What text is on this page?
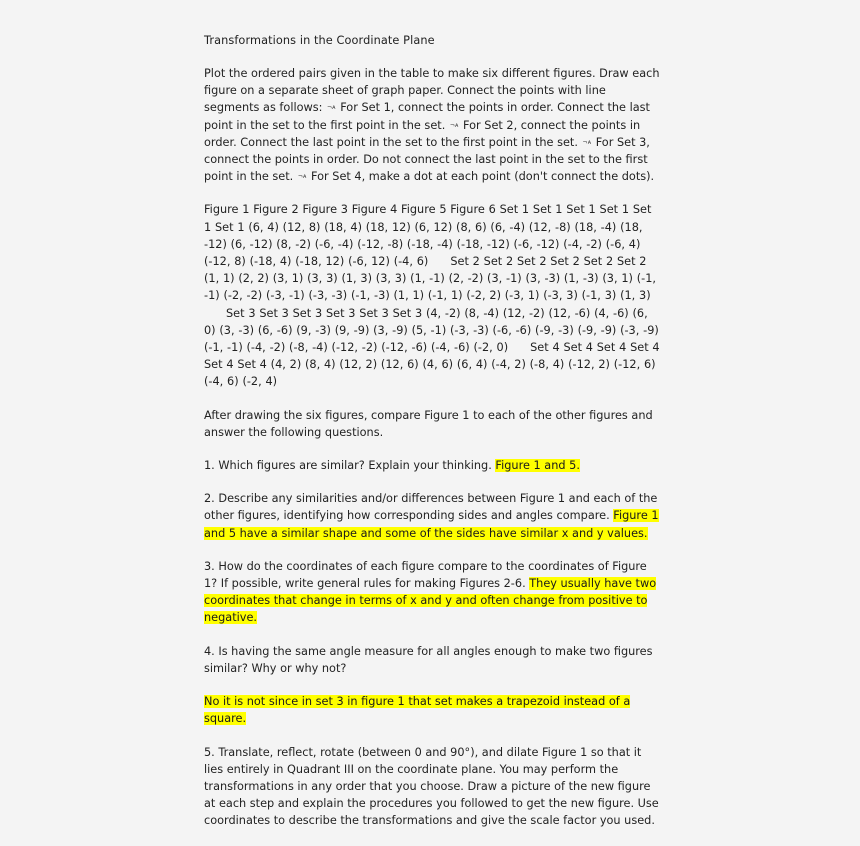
Transformations in the Coordinate Plane
Plot the ordered pairs given in the table to make six different figures. Draw each figure on a separate sheet of graph paper. Connect the points with line segments as follows: ¬ᴀ For Set 1, connect the points in order. Connect the last point in the set to the first point in the set. ¬ᴀ For Set 2, connect the points in order. Connect the last point in the set to the first point in the set. ¬ᴀ For Set 3, connect the points in order. Do not connect the last point in the set to the first point in the set. ¬ᴀ For Set 4, make a dot at each point (don't connect the dots).
Figure 1 Figure 2 Figure 3 Figure 4 Figure 5 Figure 6 Set 1 Set 1 Set 1 Set 1 Set 1 Set 1 (6, 4) (12, 8) (18, 4) (18, 12) (6, 12) (8, 6) (6, -4) (12, -8) (18, -4) (18, -12) (6, -12) (8, -2) (-6, -4) (-12, -8) (-18, -4) (-18, -12) (-6, -12) (-4, -2) (-6, 4) (-12, 8) (-18, 4) (-18, 12) (-6, 12) (-4, 6) Set 2 Set 2 Set 2 Set 2 Set 2 Set 2 (1, 1) (2, 2) (3, 1) (3, 3) (1, 3) (3, 3) (1, -1) (2, -2) (3, -1) (3, -3) (1, -3) (3, 1) (-1, -1) (-2, -2) (-3, -1) (-3, -3) (-1, -3) (1, 1) (-1, 1) (-2, 2) (-3, 1) (-3, 3) (-1, 3) (1, 3)Set 3 Set 3 Set 3 Set 3 Set 3 Set 3 (4, -2) (8, -4) (12, -2) (12, -6) (4, -6) (6, 0) (3, -3) (6, -6) (9, -3) (9, -9) (3, -9) (5, -1) (-3, -3) (-6, -6) (-9, -3) (-9, -9) (-3, -9) (-1, -1) (-4, -2) (-8, -4) (-12, -2) (-12, -6) (-4, -6) (-2, 0) Set 4 Set 4 Set 4 Set 4 Set 4 Set 4 (4, 2) (8, 4) (12, 2) (12, 6) (4, 6) (6, 4) (-4, 2) (-8, 4) (-12, 2) (-12, 6) (-4, 6) (-2, 4)
After drawing the six figures, compare Figure 1 to each of the other figures and answer the following questions.
1. Which figures are similar? Explain your thinking. Figure 1 and 5.
2. Describe any similarities and/or differences between Figure 1 and each of the other figures, identifying how corresponding sides and angles compare. Figure 1 and 5 have a similar shape and some of the sides have similar x and y values.
3. How do the coordinates of each figure compare to the coordinates of Figure 1? If possible, write general rules for making Figures 2-6. They usually have two coordinates that change in terms of x and y and often change from positive to negative.
4. Is having the same angle measure for all angles enough to make two figures similar? Why or why not?
No it is not since in set 3 in figure 1 that set makes a trapezoid instead of a square.
5. Translate, reflect, rotate (between 0 and 90°), and dilate Figure 1 so that it lies entirely in Quadrant III on the coordinate plane. You may perform the transformations in any order that you choose. Draw a picture of the new figure at each step and explain the procedures you followed to get the new figure. Use coordinates to describe the transformations and give the scale factor you used.
